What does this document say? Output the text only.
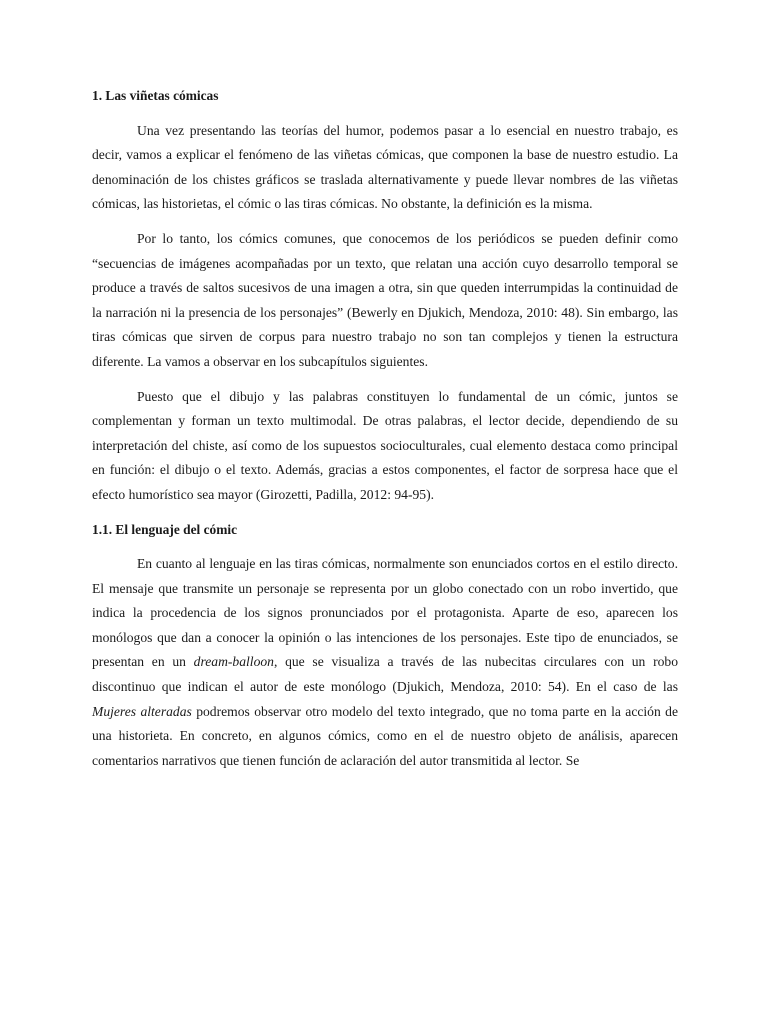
1. Las viñetas cómicas

Una vez presentando las teorías del humor, podemos pasar a lo esencial en nuestro trabajo, es decir, vamos a explicar el fenómeno de las viñetas cómicas, que componen la base de nuestro estudio. La denominación de los chistes gráficos se traslada alternativamente y puede llevar nombres de las viñetas cómicas, las historietas, el cómic o las tiras cómicas. No obstante, la definición es la misma.

Por lo tanto, los cómics comunes, que conocemos de los periódicos se pueden definir como “secuencias de imágenes acompañadas por un texto, que relatan una acción cuyo desarrollo temporal se produce a través de saltos sucesivos de una imagen a otra, sin que queden interrumpidas la continuidad de la narración ni la presencia de los personajes” (Bewerly en Djukich, Mendoza, 2010: 48). Sin embargo, las tiras cómicas que sirven de corpus para nuestro trabajo no son tan complejos y tienen la estructura diferente. La vamos a observar en los subcapítulos siguientes.

Puesto que el dibujo y las palabras constituyen lo fundamental de un cómic, juntos se complementan y forman un texto multimodal. De otras palabras, el lector decide, dependiendo de su interpretación del chiste, así como de los supuestos socioculturales, cual elemento destaca como principal en función: el dibujo o el texto. Además, gracias a estos componentes, el factor de sorpresa hace que el efecto humorístico sea mayor (Girozetti, Padilla, 2012: 94-95).

1.1. El lenguaje del cómic

En cuanto al lenguaje en las tiras cómicas, normalmente son enunciados cortos en el estilo directo. El mensaje que transmite un personaje se representa por un globo conectado con un robo invertido, que indica la procedencia de los signos pronunciados por el protagonista. Aparte de eso, aparecen los monólogos que dan a conocer la opinión o las intenciones de los personajes. Este tipo de enunciados, se presentan en un dream-balloon, que se visualiza a través de las nubecitas circulares con un robo discontinuo que indican el autor de este monólogo (Djukich, Mendoza, 2010: 54). En el caso de las Mujeres alteradas podremos observar otro modelo del texto integrado, que no toma parte en la acción de una historieta. En concreto, en algunos cómics, como en el de nuestro objeto de análisis, aparecen comentarios narrativos que tienen función de aclaración del autor transmitida al lector. Se
